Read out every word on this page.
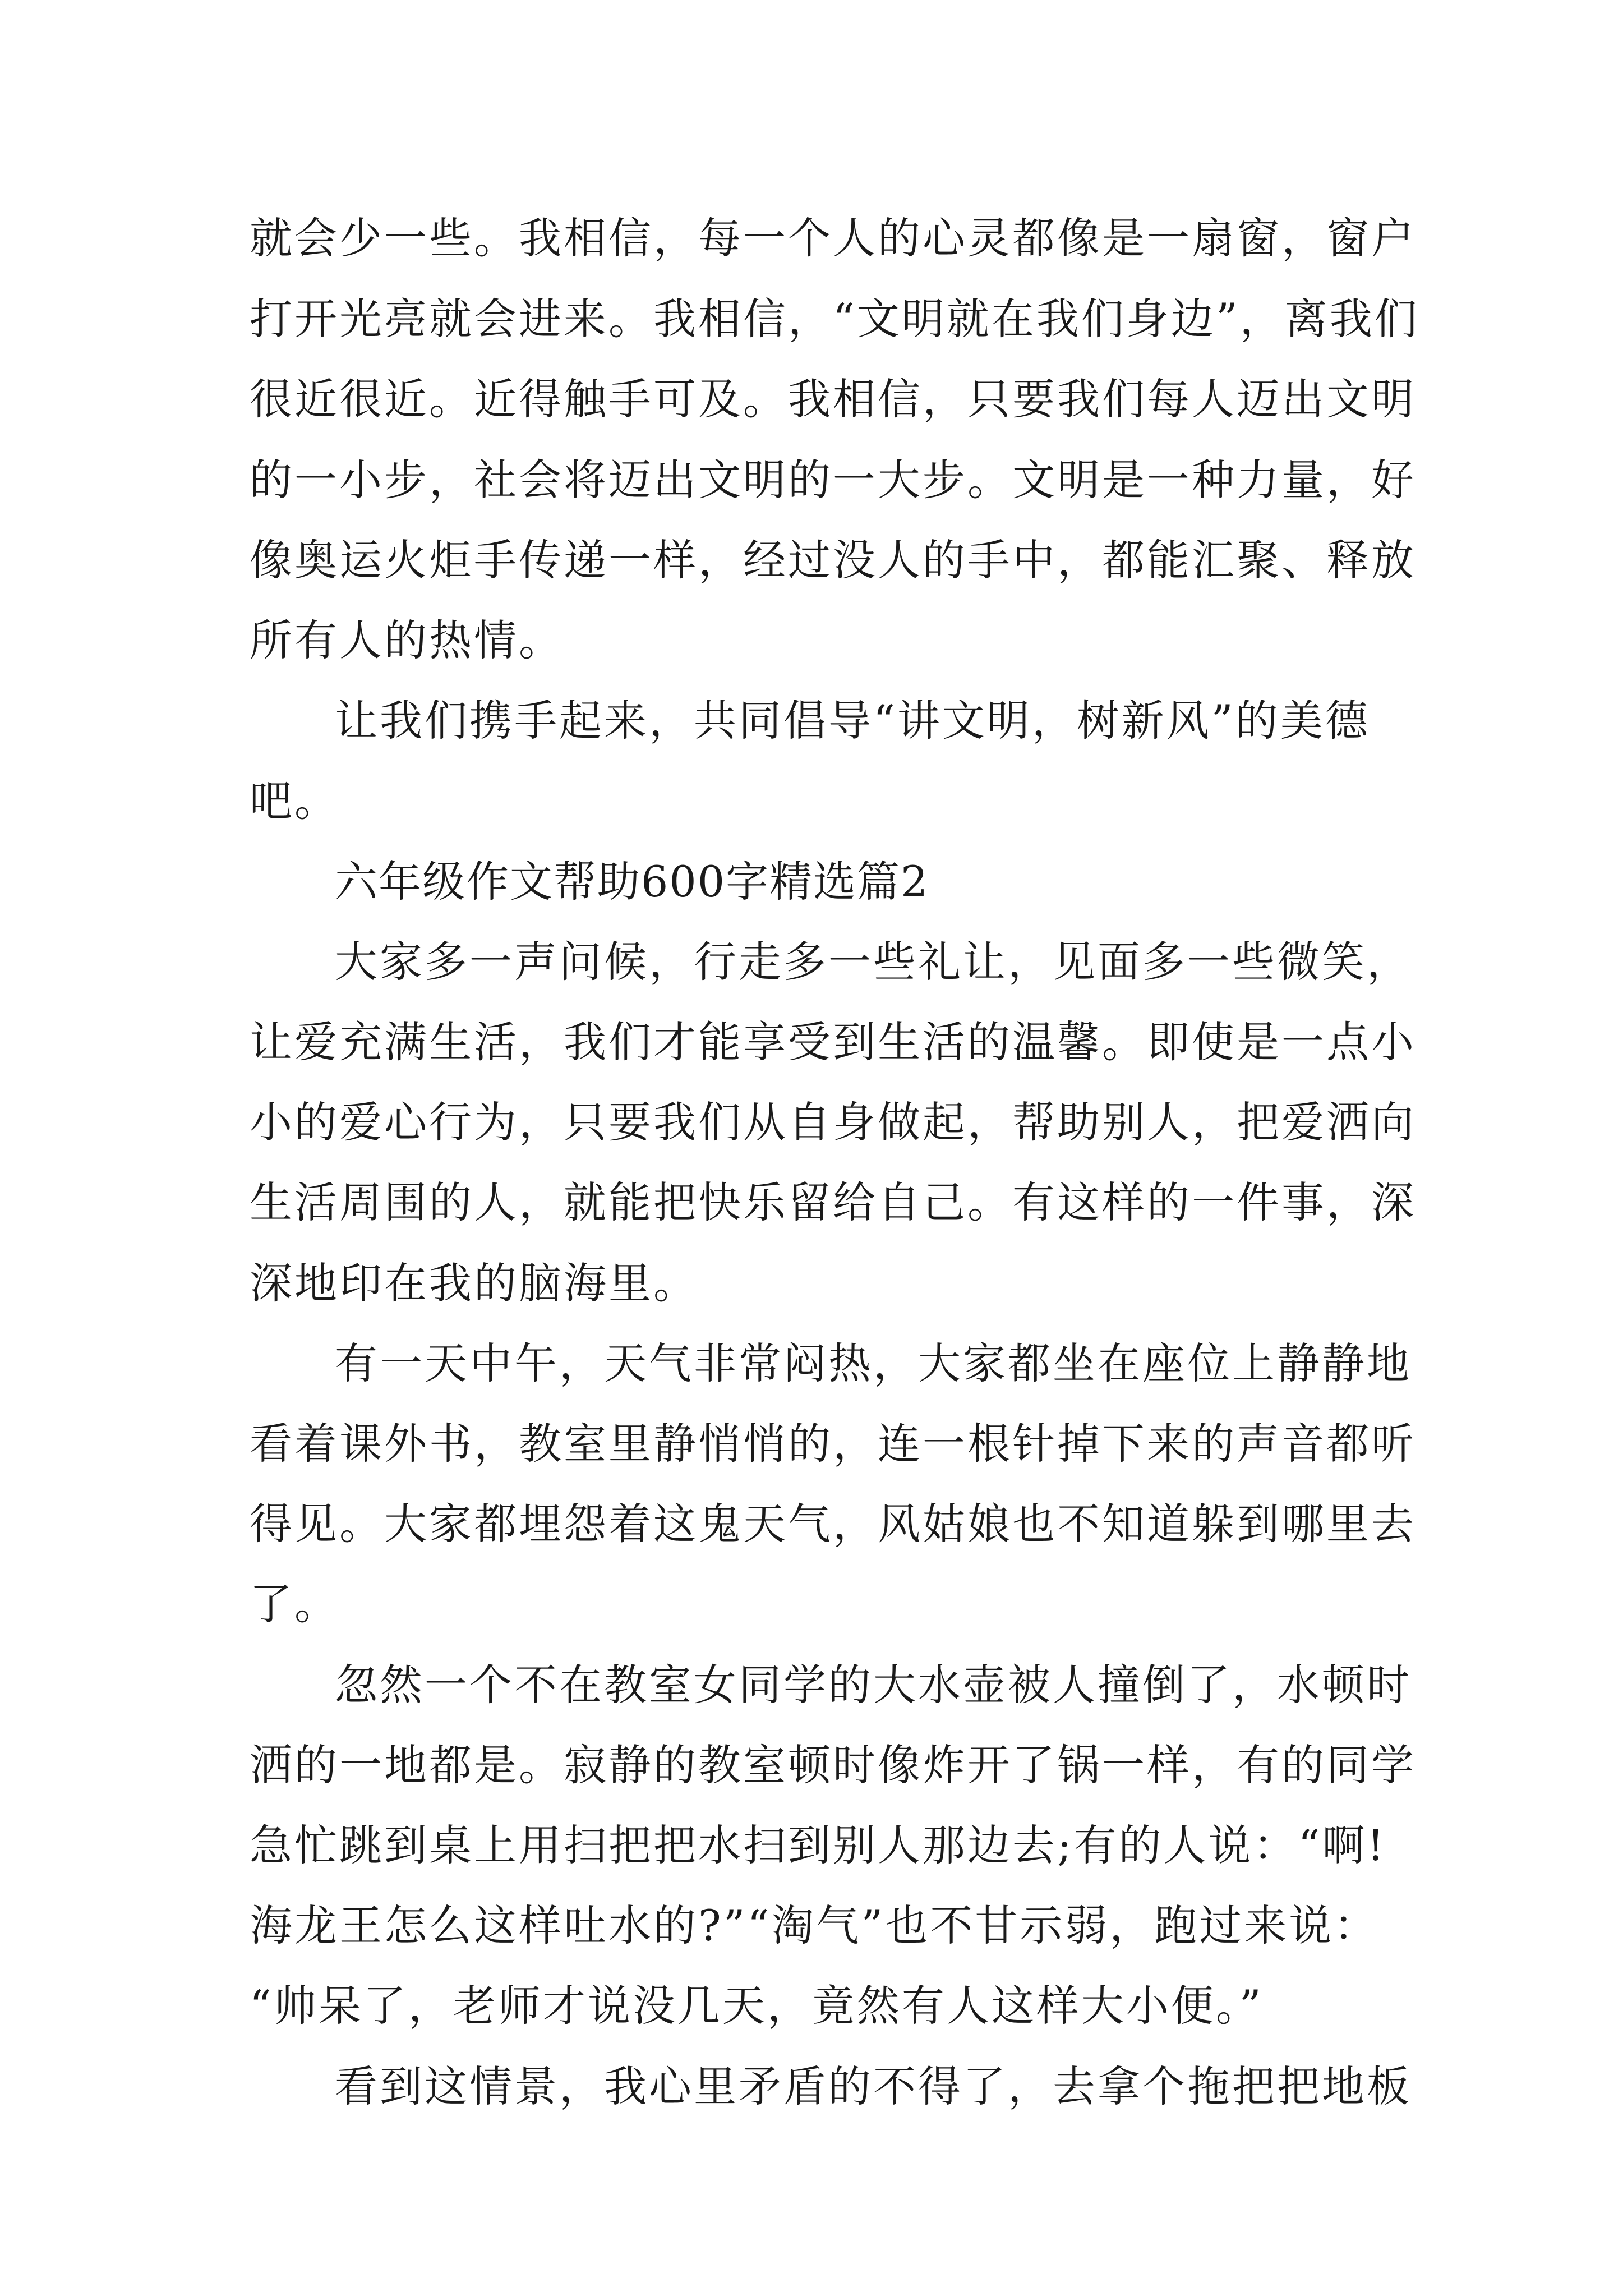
就会少一些。我相信，每一个人的心灵都像是一扇窗，窗户
打开光亮就会进来。我相信，“文明就在我们身边”，离我们
很近很近。近得触手可及。我相信，只要我们每人迈出文明
的一小步，社会将迈出文明的一大步。文明是一种力量，好
像奥运火炬手传递一样，经过没人的手中，都能汇聚、释放
所有人的热情。
让我们携手起来，共同倡导“讲文明，树新风”的美德
吧。
六年级作文帮助600字精选篇2
大家多一声问候，行走多一些礼让，见面多一些微笑，
让爱充满生活，我们才能享受到生活的温馨。即使是一点小
小的爱心行为，只要我们从自身做起，帮助别人，把爱洒向
生活周围的人，就能把快乐留给自己。有这样的一件事，深
深地印在我的脑海里。
有一天中午，天气非常闷热，大家都坐在座位上静静地
看着课外书，教室里静悄悄的，连一根针掉下来的声音都听
得见。大家都埋怨着这鬼天气，风姑娘也不知道躲到哪里去
了。
忽然一个不在教室女同学的大水壶被人撞倒了，水顿时
洒的一地都是。寂静的教室顿时像炸开了锅一样，有的同学
急忙跳到桌上用扫把把水扫到别人那边去;有的人说：“啊!
海龙王怎么这样吐水的?”“淘气”也不甘示弱，跑过来说：
“帅呆了，老师才说没几天，竟然有人这样大小便。”
看到这情景，我心里矛盾的不得了，去拿个拖把把地板
